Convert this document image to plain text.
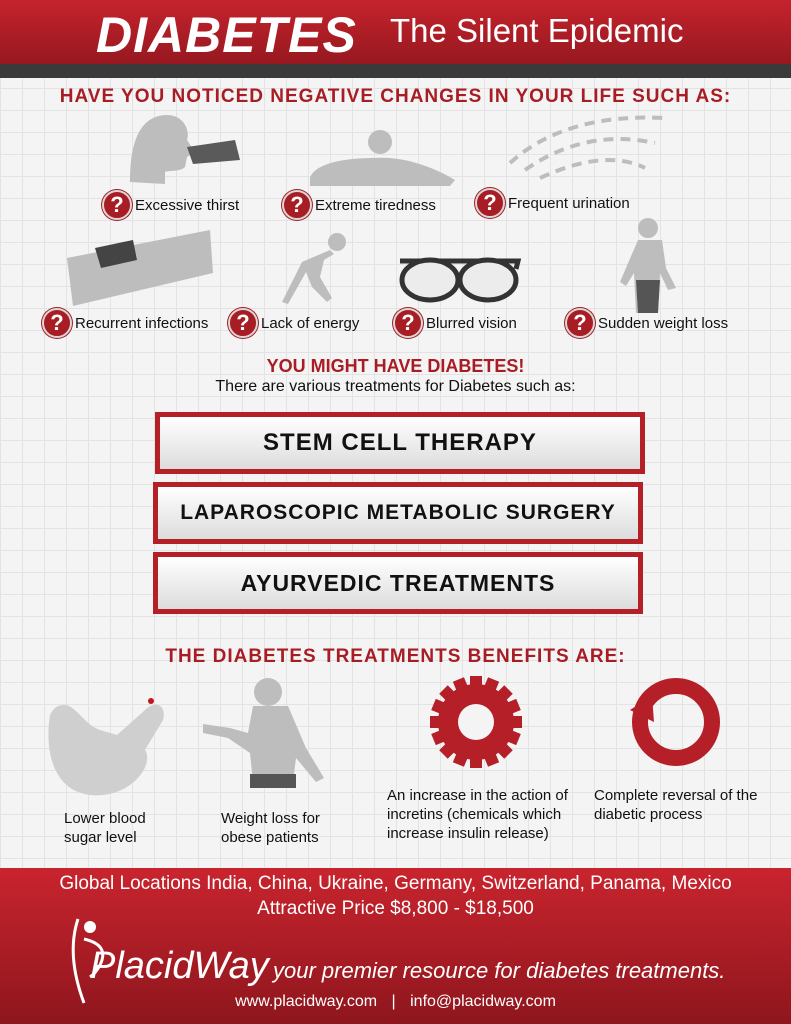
DIABETES The Silent Epidemic
HAVE YOU NOTICED NEGATIVE CHANGES IN YOUR LIFE SUCH AS:
? Excessive thirst	? Extreme tiredness	? Frequent urination
? Recurrent infections	? Lack of energy	? Blurred vision	? Sudden weight loss
YOU MIGHT HAVE DIABETES!
There are various treatments for Diabetes such as:
STEM CELL THERAPY
LAPAROSCOPIC METABOLIC SURGERY
AYURVEDIC TREATMENTS
THE DIABETES TREATMENTS BENEFITS ARE:
Lower blood sugar level
Weight loss for obese patients
An increase in the action of incretins (chemicals which increase insulin release)
Complete reversal of the diabetic process
Global Locations India, China, Ukraine, Germany, Switzerland, Panama, Mexico
Attractive Price $8,800 - $18,500
PlacidWay your premier resource for diabetes treatments.
www.placidway.com | info@placidway.com
